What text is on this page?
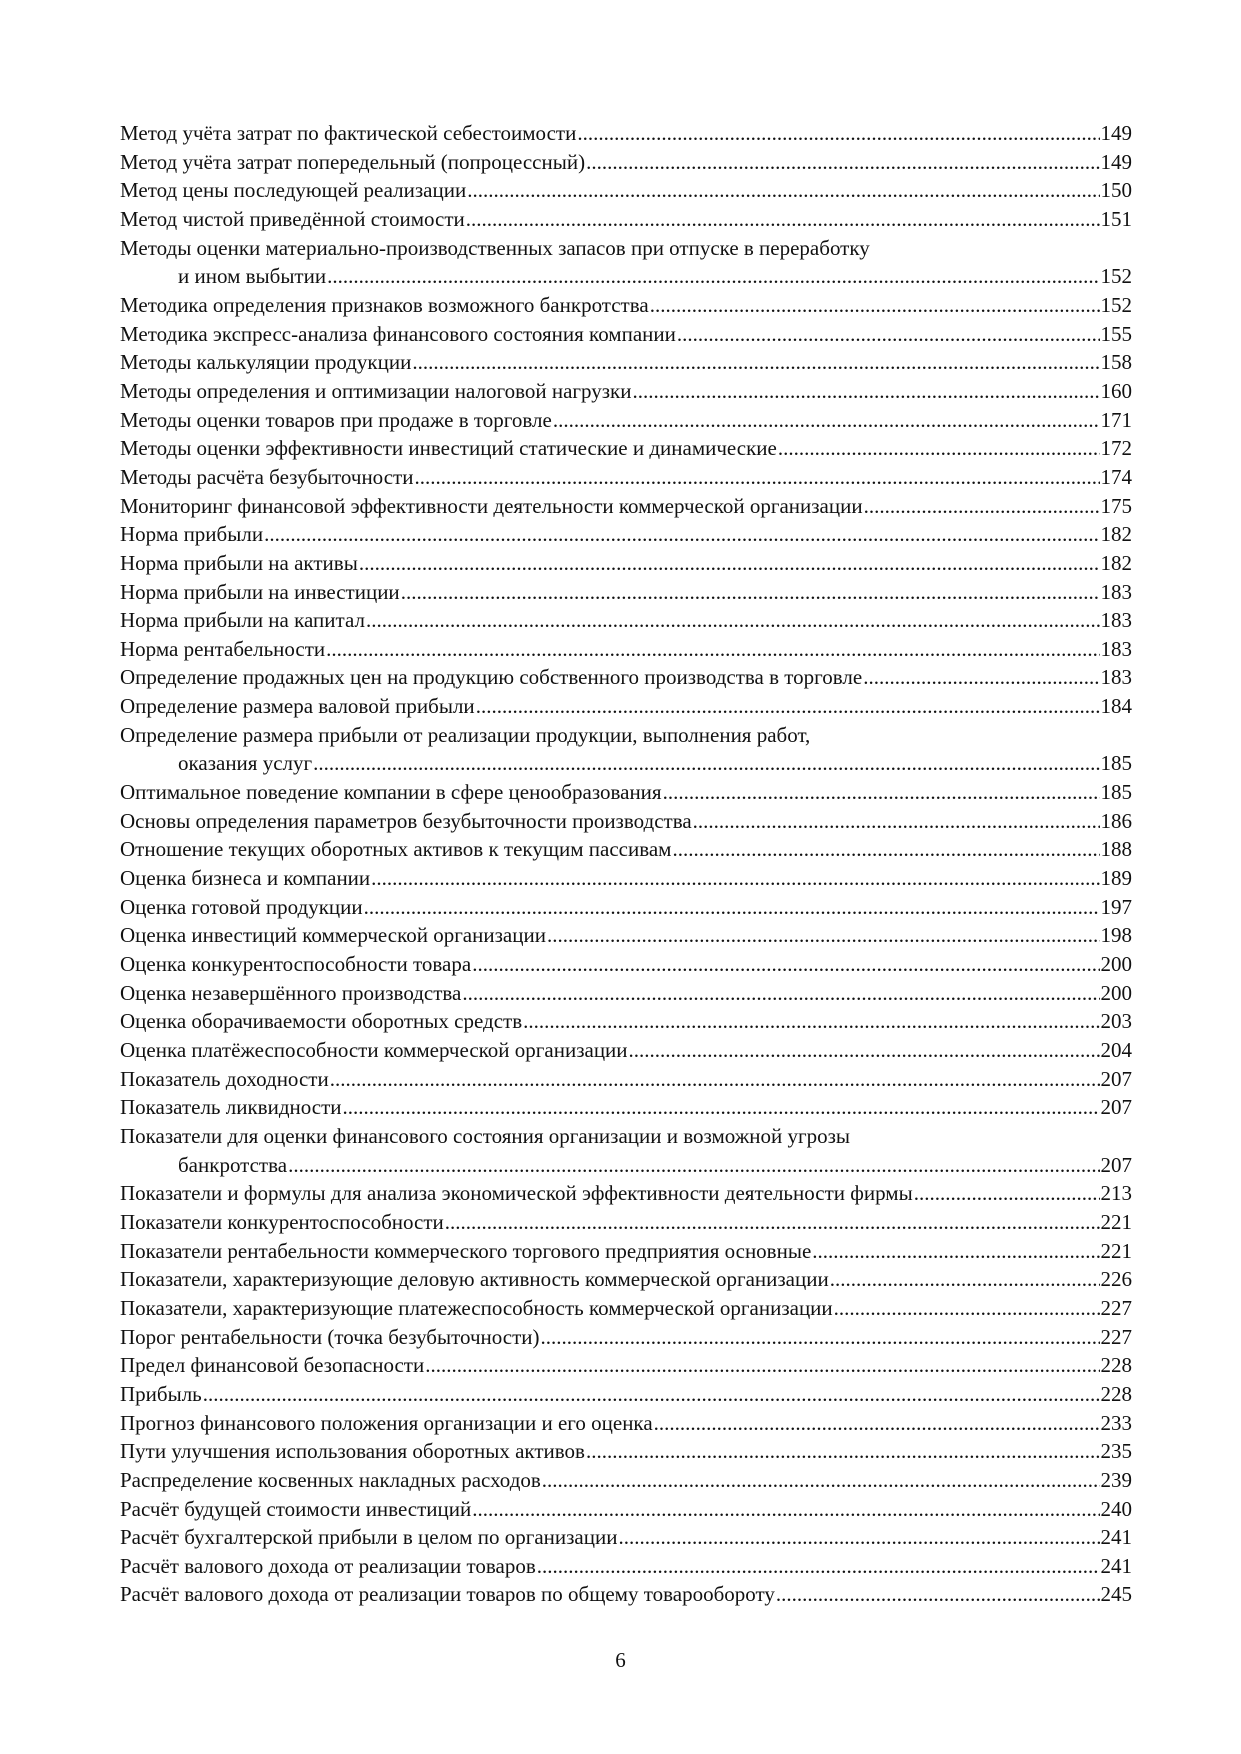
Метод учёта затрат по фактической себестоимости .....	149
Метод учёта затрат попередельный (попроцессный) .....	149
Метод цены последующей реализации .....	150
Метод чистой приведённой стоимости .....	151
Методы оценки материально-производственных запасов при отпуске в переработку
и ином выбытии .....	152
Методика определения признаков возможного банкротства .....	152
Методика экспресс-анализа финансового состояния компании .....	155
Методы калькуляции продукции .....	158
Методы определения и оптимизации налоговой нагрузки .....	160
Методы оценки товаров при продаже в торговле .....	171
Методы оценки эффективности инвестиций статические и динамические .....	172
Методы расчёта безубыточности .....	174
Мониторинг финансовой эффективности деятельности коммерческой организации .....	175
Норма прибыли .....	182
Норма прибыли на активы .....	182
Норма прибыли на инвестиции .....	183
Норма прибыли на капитал .....	183
Норма рентабельности .....	183
Определение продажных цен на продукцию собственного производства в торговле .....	183
Определение размера валовой прибыли .....	184
Определение размера прибыли от реализации продукции, выполнения работ,
оказания услуг .....	185
Оптимальное поведение компании в сфере ценообразования .....	185
Основы определения параметров безубыточности производства .....	186
Отношение текущих оборотных активов к текущим пассивам .....	188
Оценка бизнеса и компании .....	189
Оценка готовой продукции .....	197
Оценка инвестиций коммерческой организации .....	198
Оценка конкурентоспособности товара .....	200
Оценка незавершённого производства .....	200
Оценка оборачиваемости оборотных средств .....	203
Оценка платёжеспособности коммерческой организации .....	204
Показатель доходности .....	207
Показатель ликвидности .....	207
Показатели для оценки финансового состояния организации и возможной угрозы
банкротства .....	207
Показатели и формулы для анализа экономической эффективности деятельности фирмы .....	213
Показатели конкурентоспособности .....	221
Показатели рентабельности коммерческого торгового предприятия основные .....	221
Показатели, характеризующие деловую активность коммерческой организации .....	226
Показатели, характеризующие платежеспособность коммерческой организации .....	227
Порог рентабельности (точка безубыточности) .....	227
Предел финансовой безопасности .....	228
Прибыль .....	228
Прогноз финансового положения организации и его оценка .....	233
Пути улучшения использования оборотных активов .....	235
Распределение косвенных накладных расходов .....	239
Расчёт будущей стоимости инвестиций .....	240
Расчёт бухгалтерской прибыли в целом по организации .....	241
Расчёт валового дохода от реализации товаров .....	241
Расчёт валового дохода от реализации товаров по общему товарообороту .....	245
6
